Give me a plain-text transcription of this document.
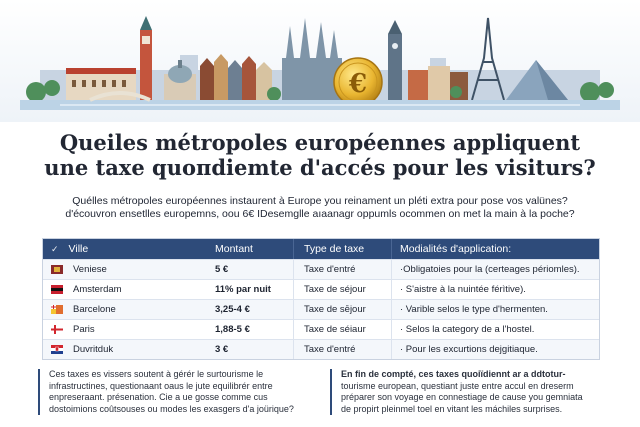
€
Queiles métropoles européennes appliquent
une taxe quoпdiemte d'accés pour les visiturs?
Quélles métropoles européennes instaurent à Europe you reinament un pléti extra pour pose vos valünes?
d'écouvron ensetlles europemns, oou 6€ IDesemglle aıaanagr oppumls ocommen on met la main à la poche?
✓ Ville	Montant	Type de taxe	Modialités d'application:
Veniese	5 €	Taxe d'entré	·Obligatoies pour la (certeages périomles).
Amsterdam	11% par nuit	Taxe de séjour	· S'aistre à la nuintée férìtive).
Barcelone	3,25-4 €	Taxe de sējour	· Varible selos le type d'hermenten.
Paris	1,88-5 €	Taxe de séiaur	· Selos la category de a l'hostel.
Duvritduk	3 €	Taxe d'entré	· Pour les excurtions dejgitiaque.
Ces taxes es vissers soutent à gérér le surtourisme le
infrastructines, questionaant oaus le jute equilibrér entre
enpreseraant. présenation. Cie a ue gosse comme cus
dostoimions coûtsouses ou modes les exasgers d'a joürique?
En fin de compté, ces taxes quoiïdiennt ar a ddtotur-
tourisme european, questiant juste entre accul en dreserm
préparer son voyage en connestiage de cause you gemniata
de propirt pleinmel toel en vitant les máchiles surprises.
